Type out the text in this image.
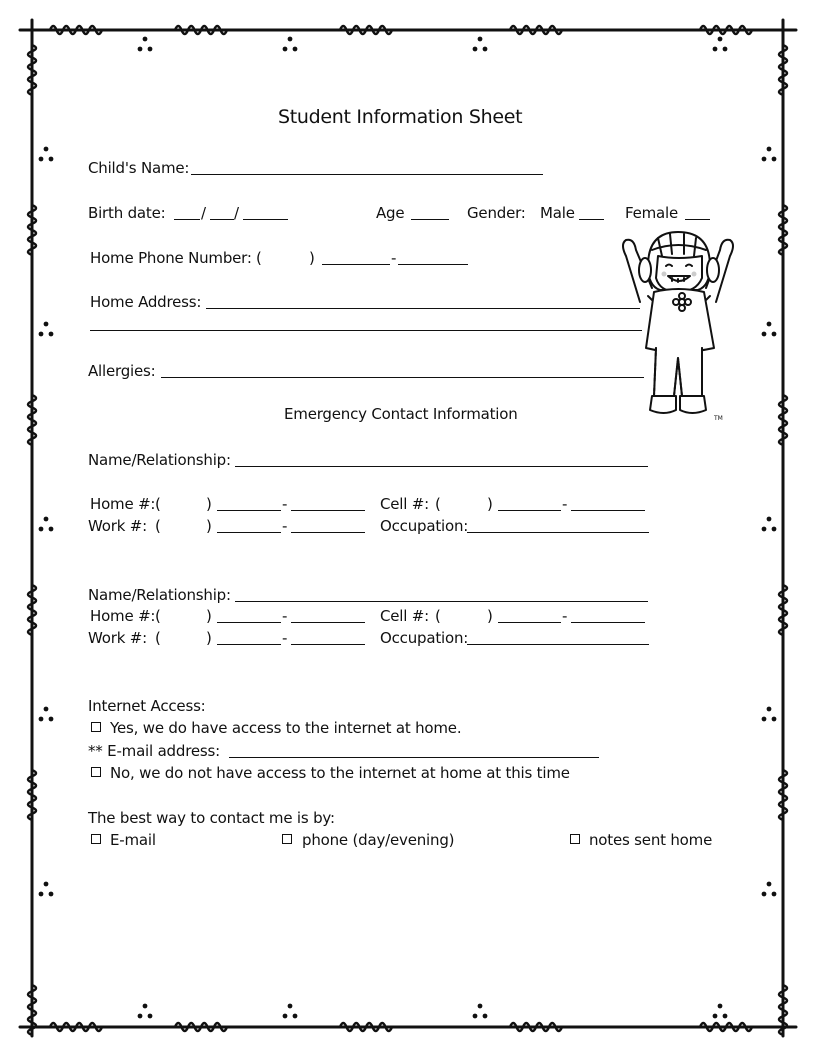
Student Information Sheet
Child's Name:
Birth date: / /	Age	Gender: Male	Female
Home Phone Number: (	)	-
Home Address:
Allergies:
Emergency Contact Information
Name/Relationship:
Home #: (	)	-	Cell #: (	)	-
Work #: (	)	-	Occupation:
Name/Relationship:
Home #: (	)	-	Cell #: (	)	-
Work #: (	)	-	Occupation:
Internet Access:
Yes, we do have access to the internet at home.
** E-mail address:
No, we do not have access to the internet at home at this time
The best way to contact me is by:
E-mail	phone (day/evening)	notes sent home
TM
